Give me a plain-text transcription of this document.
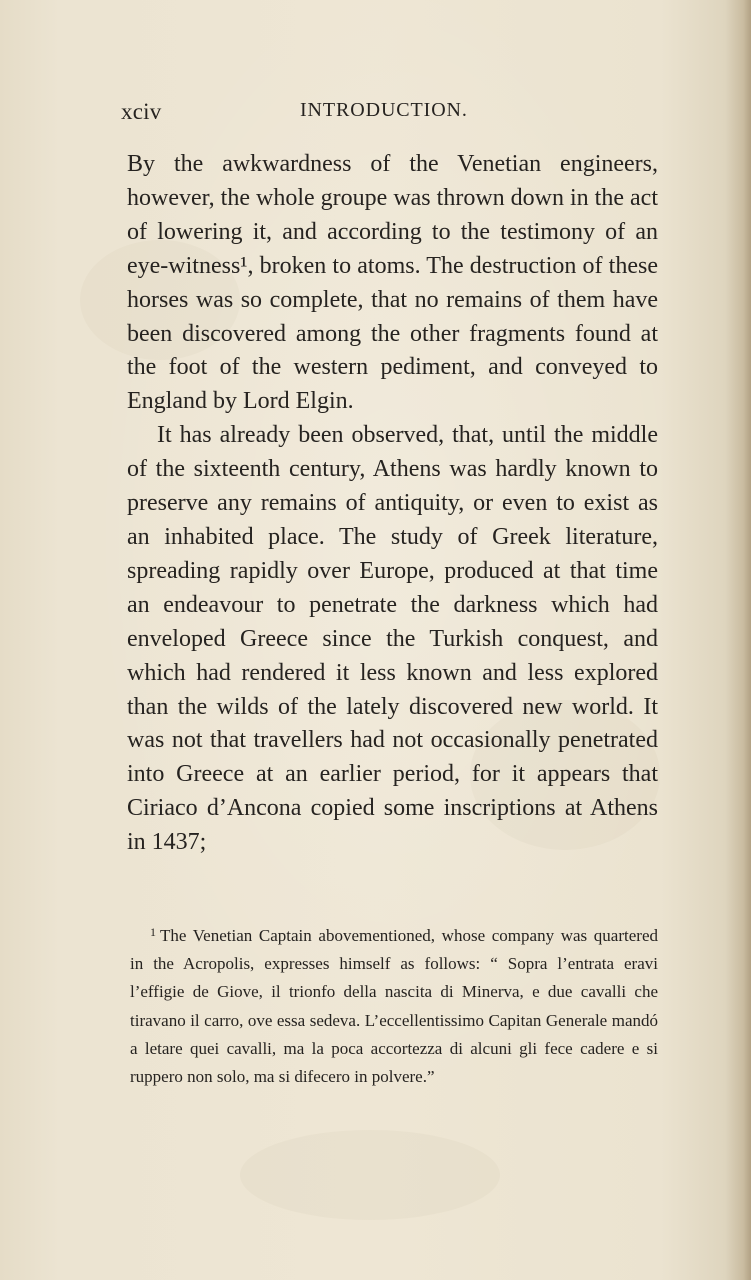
xciv	INTRODUCTION.

By the awkwardness of the Venetian engineers, however, the whole groupe was thrown down in the act of lowering it, and according to the testimony of an eye-witness¹, broken to atoms. The destruction of these horses was so complete, that no remains of them have been discovered among the other fragments found at the foot of the western pediment, and conveyed to England by Lord Elgin.

It has already been observed, that, until the middle of the sixteenth century, Athens was hardly known to preserve any remains of antiquity, or even to exist as an inhabited place. The study of Greek literature, spreading rapidly over Europe, produced at that time an endeavour to penetrate the darkness which had enveloped Greece since the Turkish conquest, and which had rendered it less known and less explored than the wilds of the lately discovered new world. It was not that travellers had not occasionally penetrated into Greece at an earlier period, for it appears that Ciriaco d’Ancona copied some inscriptions at Athens in 1437;

$^1$ The Venetian Captain abovementioned, whose company was quartered in the Acropolis, expresses himself as follows: “ Sopra l’entrata eravi l’effigie de Giove, il trionfo della nascita di Minerva, e due cavalli che tiravano il carro, ove essa sedeva. L’eccellentissimo Capitan Generale mandó a letare quei cavalli, ma la poca accortezza di alcuni gli fece cadere e si ruppero non solo, ma si difecero in polvere.”
